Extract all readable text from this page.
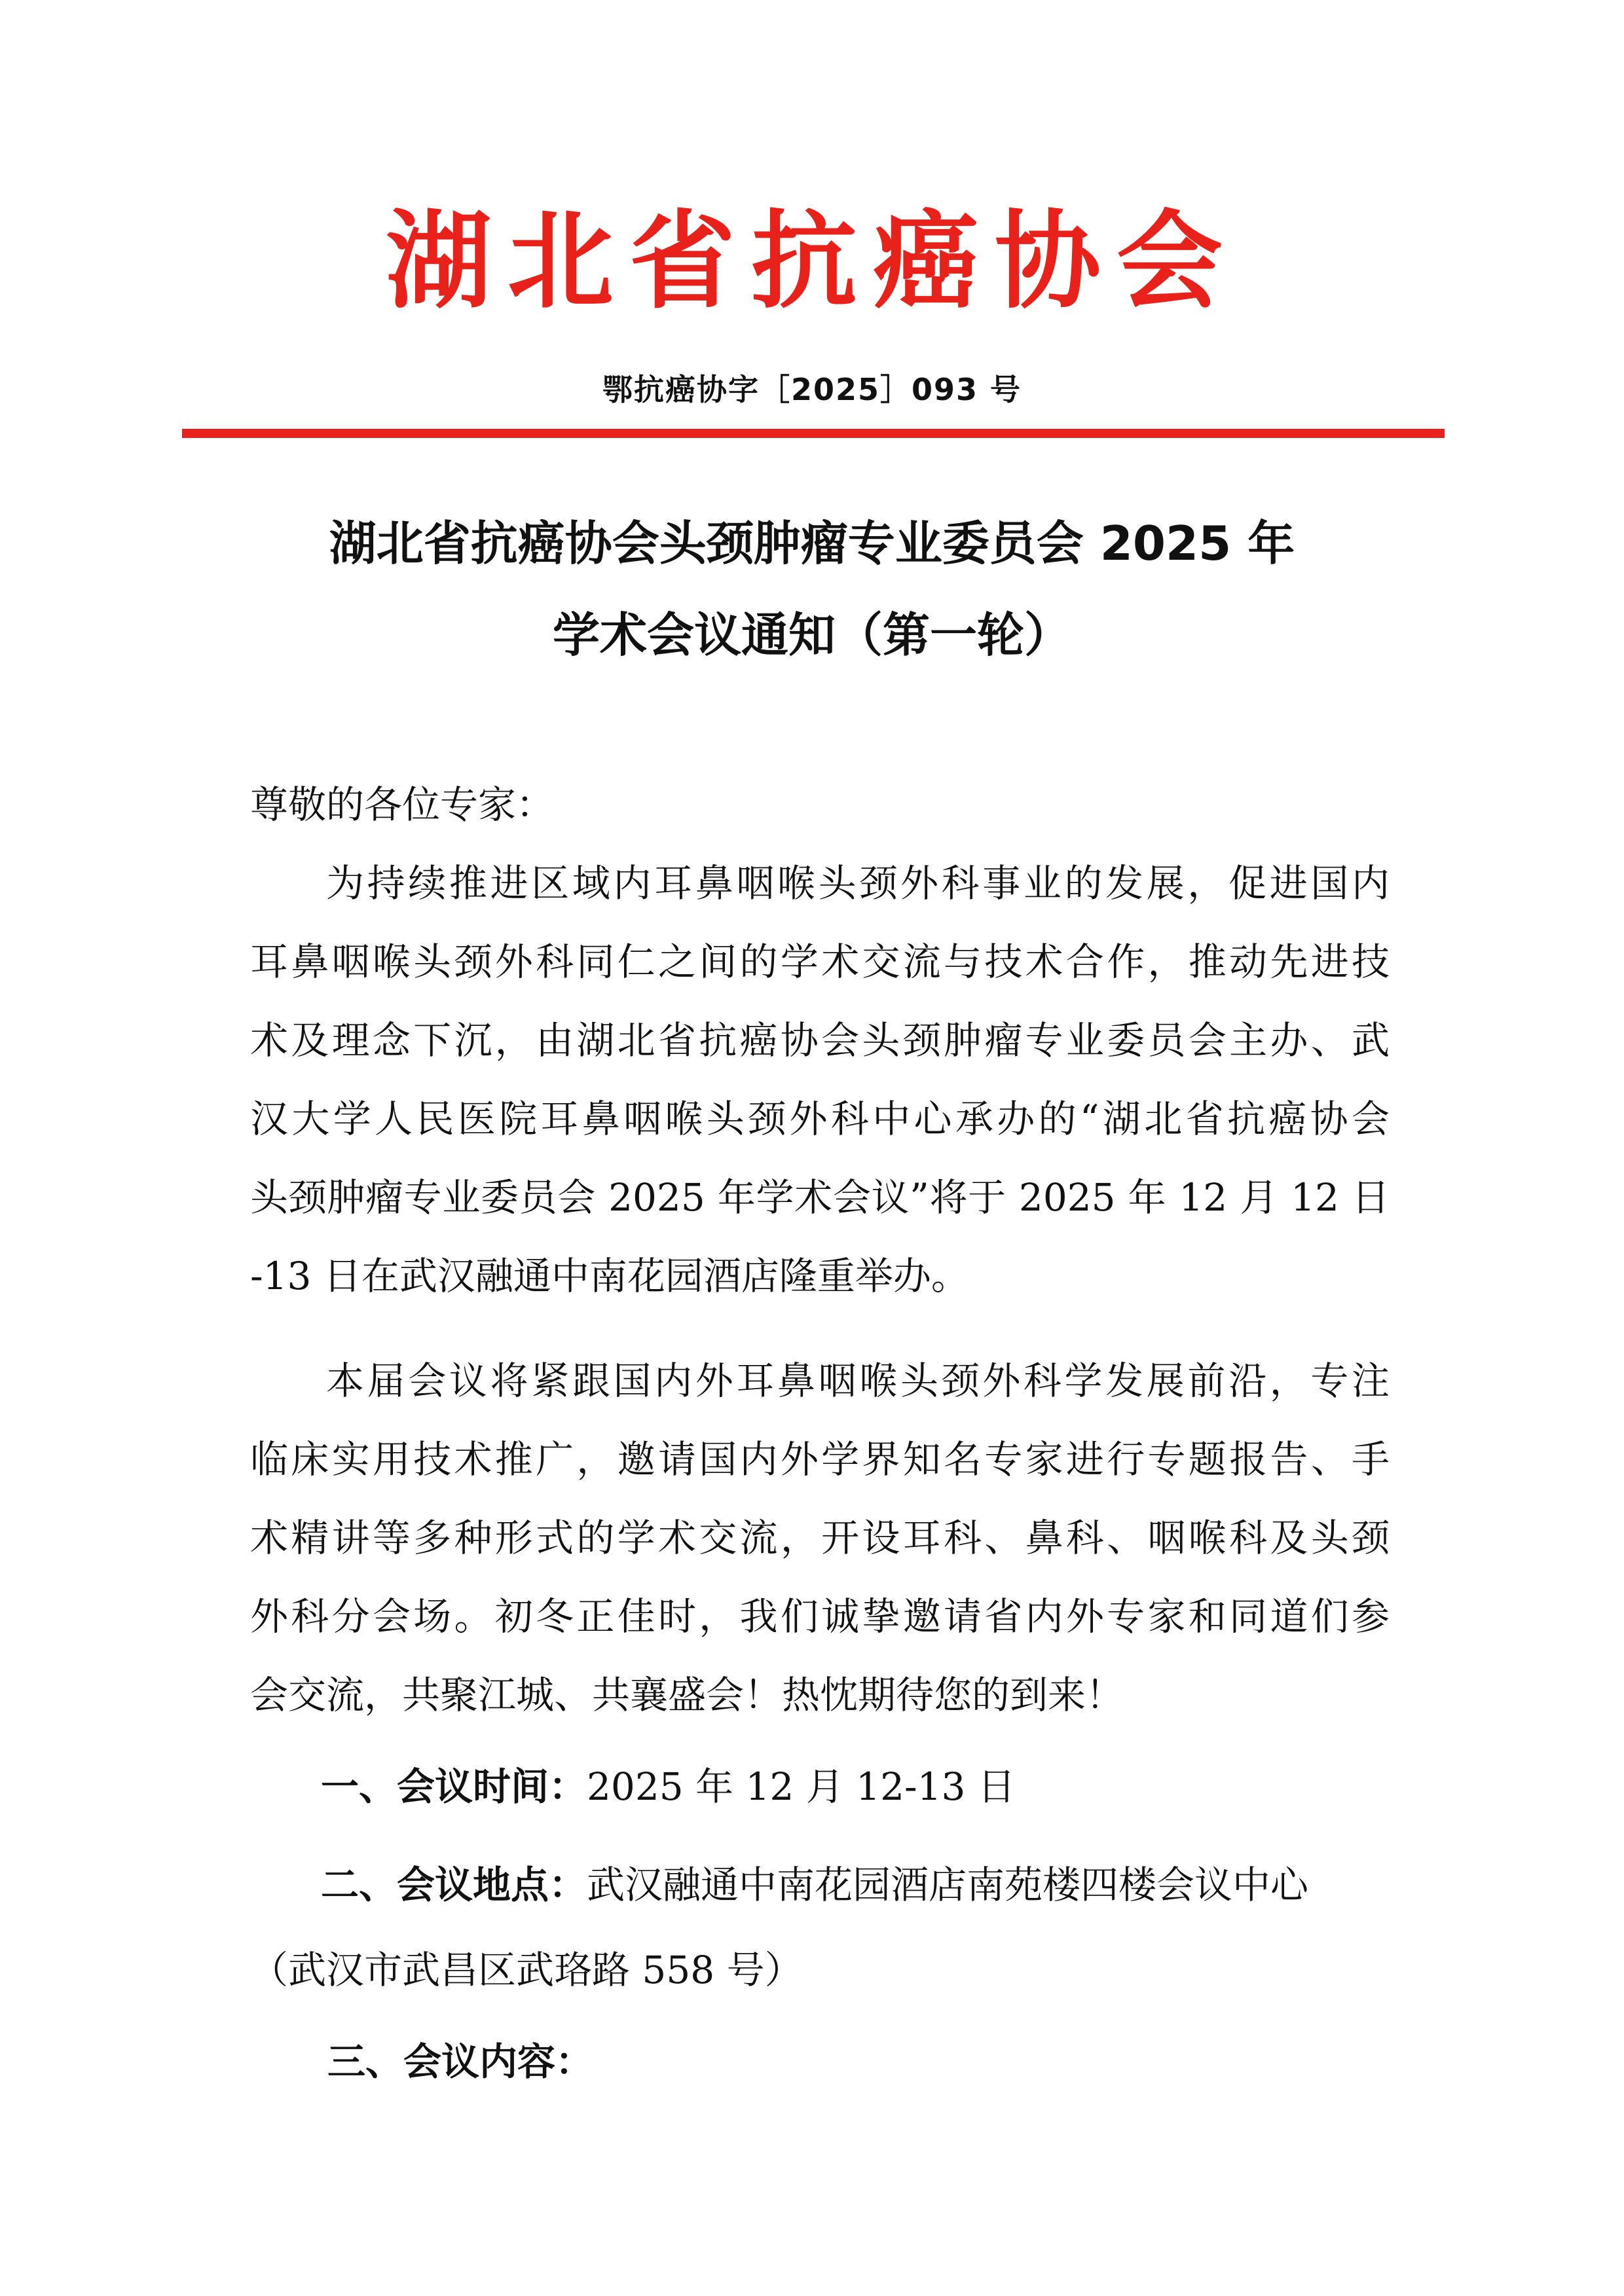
湖北省抗癌协会
鄂抗癌协字［2025］093 号
湖北省抗癌协会头颈肿瘤专业委员会 2025 年
学术会议通知（第一轮）
尊敬的各位专家：
为持续推进区域内耳鼻咽喉头颈外科事业的发展，促进国内
耳鼻咽喉头颈外科同仁之间的学术交流与技术合作，推动先进技
术及理念下沉，由湖北省抗癌协会头颈肿瘤专业委员会主办、武
汉大学人民医院耳鼻咽喉头颈外科中心承办的“湖北省抗癌协会
头颈肿瘤专业委员会 2025 年学术会议”将于 2025 年 12 月 12 日
-13 日在武汉融通中南花园酒店隆重举办。
本届会议将紧跟国内外耳鼻咽喉头颈外科学发展前沿，专注
临床实用技术推广，邀请国内外学界知名专家进行专题报告、手
术精讲等多种形式的学术交流，开设耳科、鼻科、咽喉科及头颈
外科分会场。初冬正佳时，我们诚挚邀请省内外专家和同道们参
会交流，共聚江城、共襄盛会！热忱期待您的到来！
一、会议时间：2025 年 12 月 12-13 日
二、会议地点：武汉融通中南花园酒店南苑楼四楼会议中心
（武汉市武昌区武珞路 558 号）
三、会议内容：
